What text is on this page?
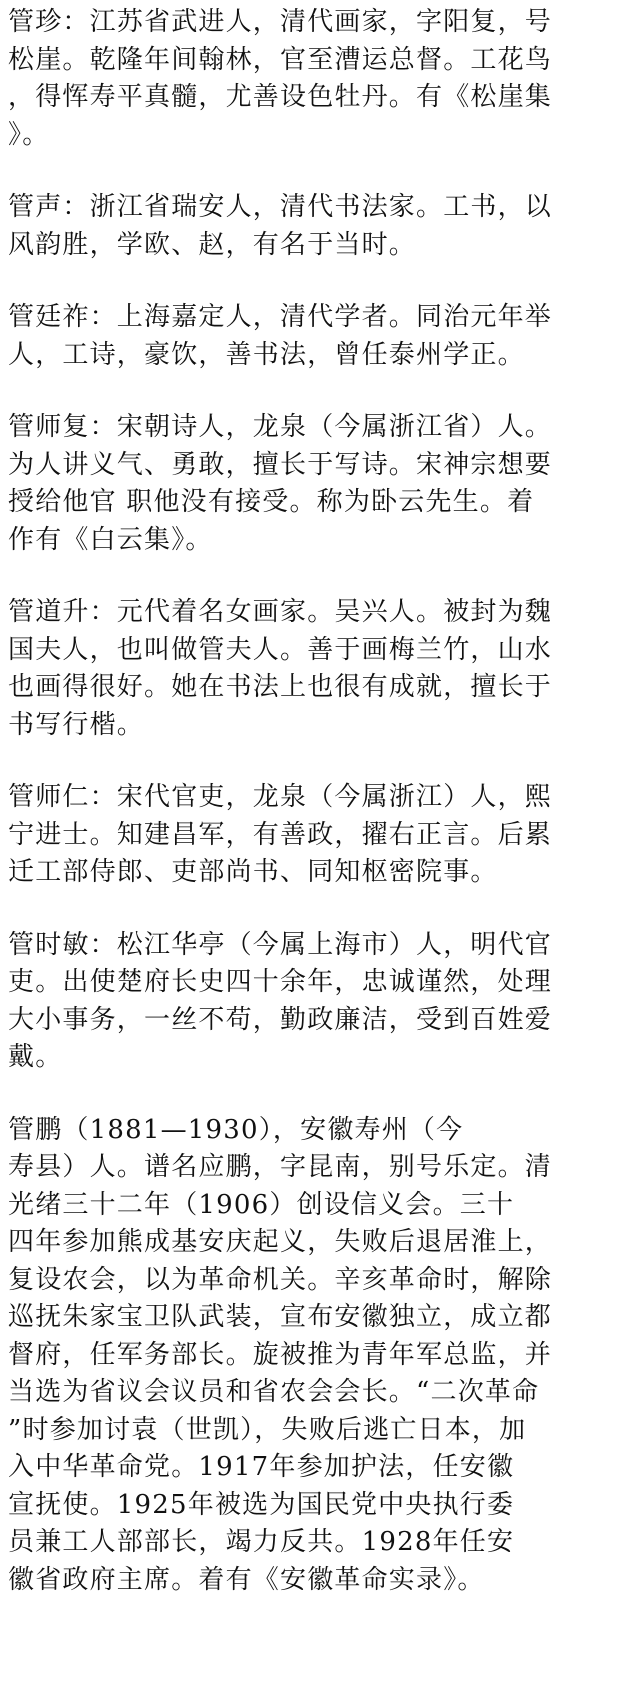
管珍：江苏省武进人，清代画家，字阳复，号
松崖。乾隆年间翰林，官至漕运总督。工花鸟
，得恽寿平真髓，尤善设色牡丹。有《松崖集
》。
管声：浙江省瑞安人，清代书法家。工书，以
风韵胜，学欧、赵，有名于当时。
管廷祚：上海嘉定人，清代学者。同治元年举
人，工诗，豪饮，善书法，曾任泰州学正。
管师复：宋朝诗人，龙泉（今属浙江省）人。
为人讲义气、勇敢，擅长于写诗。宋神宗想要
授给他官 职他没有接受。称为卧云先生。着
作有《白云集》。
管道升：元代着名女画家。吴兴人。被封为魏
国夫人，也叫做管夫人。善于画梅兰竹，山水
也画得很好。她在书法上也很有成就，擅长于
书写行楷。
管师仁：宋代官吏，龙泉（今属浙江）人，熙
宁进士。知建昌军，有善政，擢右正言。后累
迁工部侍郎、吏部尚书、同知枢密院事。
管时敏：松江华亭（今属上海市）人，明代官
吏。出使楚府长史四十余年，忠诚谨然，处理
大小事务，一丝不苟，勤政廉洁，受到百姓爱
戴。
管鹏（1881—1930），安徽寿州（今
寿县）人。谱名应鹏，字昆南，别号乐定。清
光绪三十二年（1906）创设信义会。三十
四年参加熊成基安庆起义，失败后退居淮上，
复设农会，以为革命机关。辛亥革命时，解除
巡抚朱家宝卫队武装，宣布安徽独立，成立都
督府，任军务部长。旋被推为青年军总监，并
当选为省议会议员和省农会会长。“二次革命
”时参加讨袁（世凯），失败后逃亡日本，加
入中华革命党。1917年参加护法，任安徽
宣抚使。1925年被选为国民党中央执行委
员兼工人部部长，竭力反共。1928年任安
徽省政府主席。着有《安徽革命实录》。
